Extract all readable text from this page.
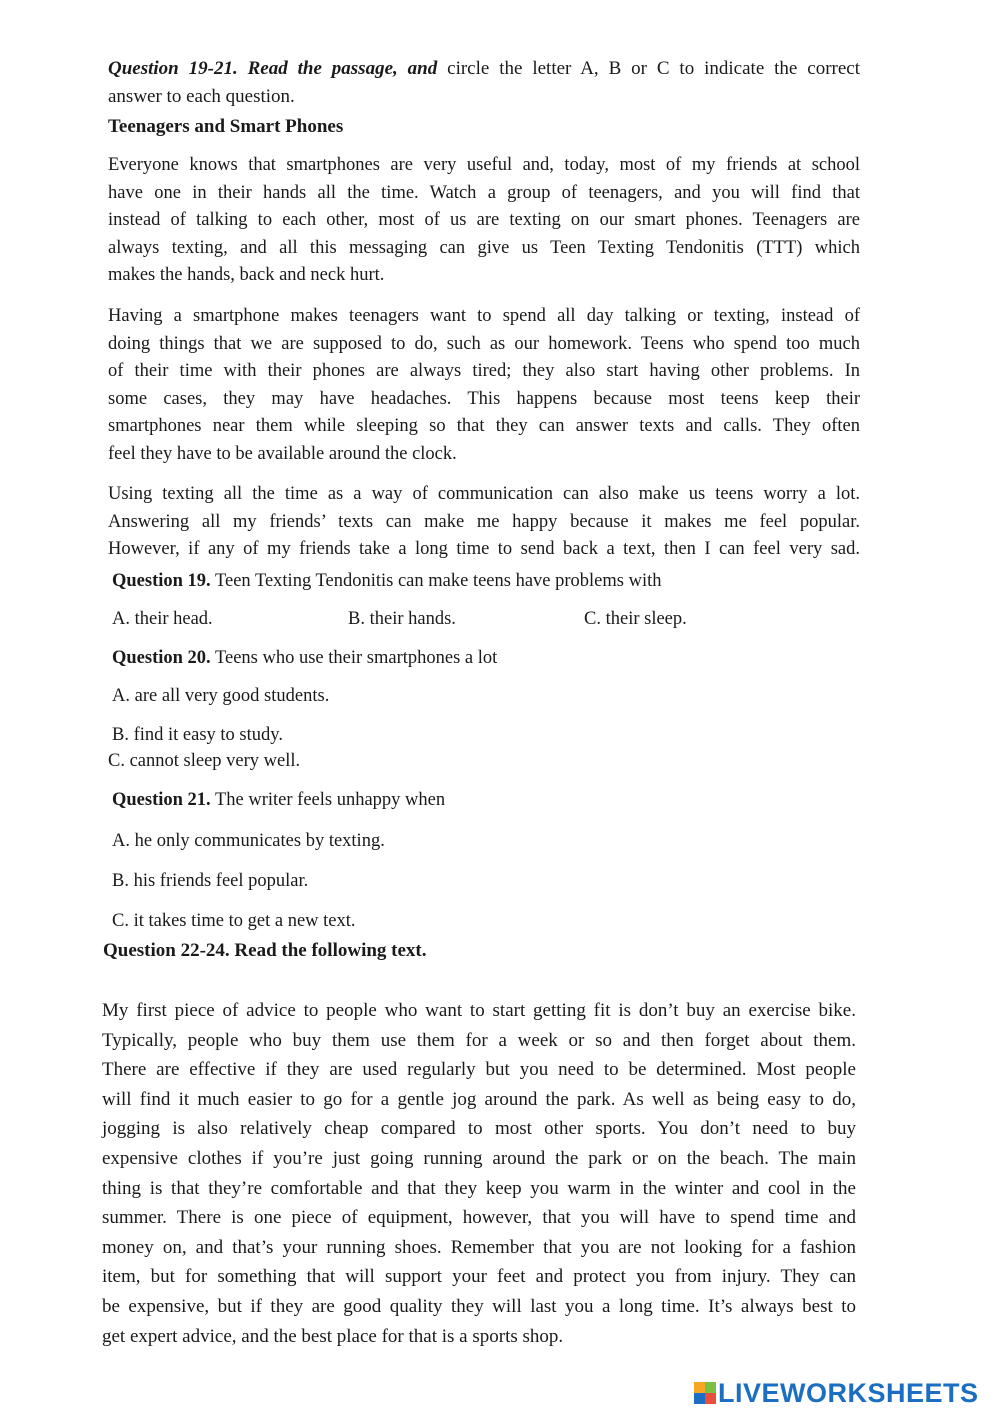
Question 19-21. Read the passage, and circle the letter A, B or C to indicate the correct
answer to each question.

Teenagers and Smart Phones
Everyone knows that smartphones are very useful and, today, most of my friends at school
have one in their hands all the time. Watch a group of teenagers, and you will find that
instead of talking to each other, most of us are texting on our smart phones. Teenagers are
always texting, and all this messaging can give us Teen Texting Tendonitis (TTT) which
makes the hands, back and neck hurt.
Having a smartphone makes teenagers want to spend all day talking or texting, instead of
doing things that we are supposed to do, such as our homework. Teens who spend too much
of their time with their phones are always tired; they also start having other problems. In
some cases, they may have headaches. This happens because most teens keep their
smartphones near them while sleeping so that they can answer texts and calls. They often
feel they have to be available around the clock.
Using texting all the time as a way of communication can also make us teens worry a lot.
Answering all my friends’ texts can make me happy because it makes me feel popular.
However, if any of my friends take a long time to send back a text, then I can feel very sad.
Question 19. Teen Texting Tendonitis can make teens have problems with
A. their head.	B. their hands.	C. their sleep.
Question 20. Teens who use their smartphones a lot
A. are all very good students.
B. find it easy to study.
C. cannot sleep very well.
Question 21. The writer feels unhappy when
A. he only communicates by texting.
B. his friends feel popular.
C. it takes time to get a new text.
Question 22-24. Read the following text.
My first piece of advice to people who want to start getting fit is don’t buy an exercise bike.
Typically, people who buy them use them for a week or so and then forget about them.
There are effective if they are used regularly but you need to be determined. Most people
will find it much easier to go for a gentle jog around the park. As well as being easy to do,
jogging is also relatively cheap compared to most other sports. You don’t need to buy
expensive clothes if you’re just going running around the park or on the beach. The main
thing is that they’re comfortable and that they keep you warm in the winter and cool in the
summer. There is one piece of equipment, however, that you will have to spend time and
money on, and that’s your running shoes. Remember that you are not looking for a fashion
item, but for something that will support your feet and protect you from injury. They can
be expensive, but if they are good quality they will last you a long time. It’s always best to
get expert advice, and the best place for that is a sports shop.
LIVEWORKSHEETS
